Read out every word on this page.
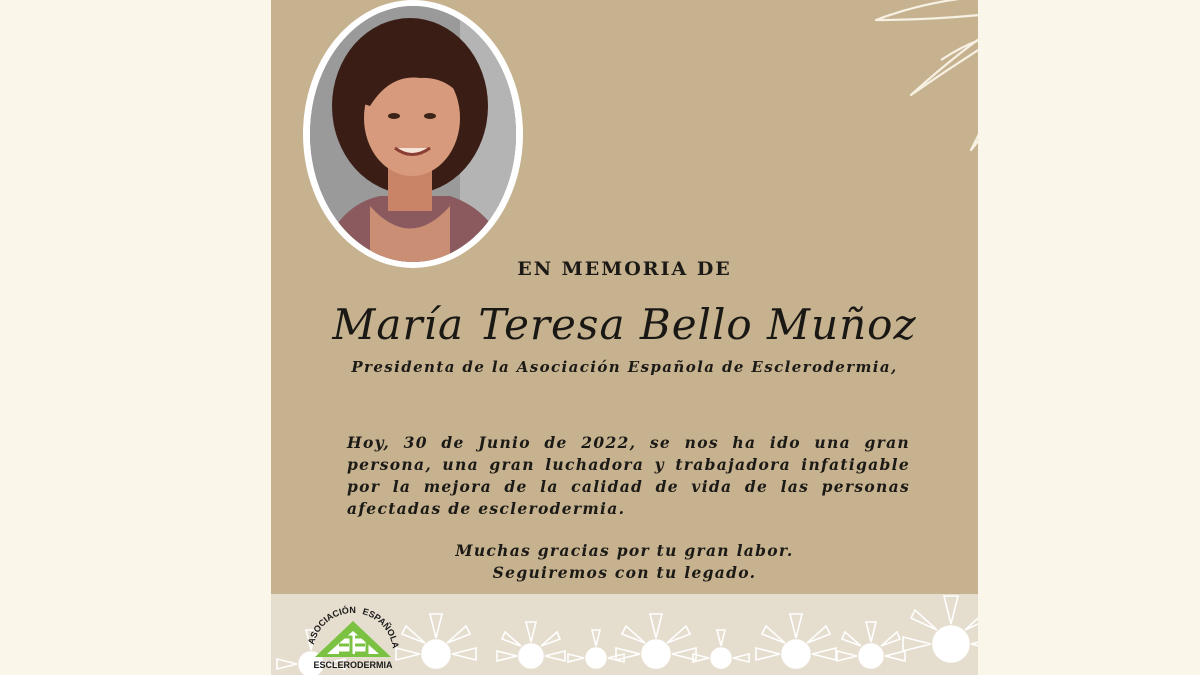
EN MEMORIA DE
María Teresa Bello Muñoz
Presidenta de la Asociación Española de Esclerodermia,
Hoy, 30 de Junio de 2022, se nos ha ido una gran persona, una gran luchadora y trabajadora infatigable por la mejora de la calidad de vida de las personas afectadas de esclerodermia.
Muchas gracias por tu gran labor.
Seguiremos con tu legado.
ASOCIACIÓN ESPAÑOLA
ESCLERODERMIA
